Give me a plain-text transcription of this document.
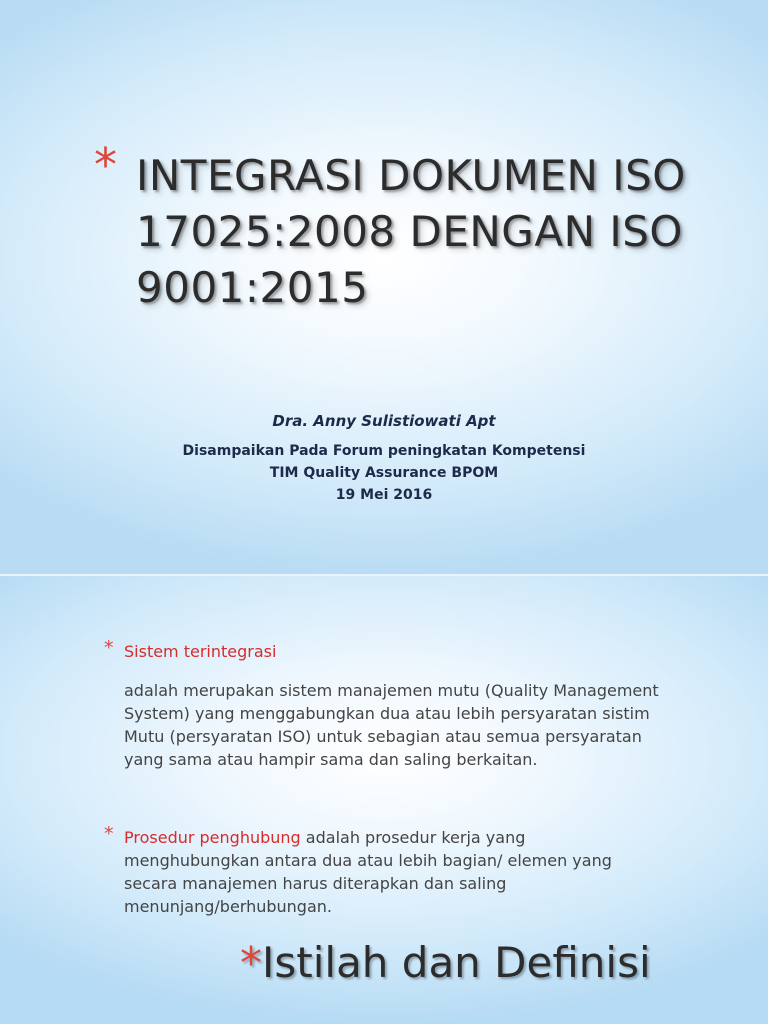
* INTEGRASI DOKUMEN ISO
17025:2008 DENGAN ISO
9001:2015
Dra. Anny Sulistiowati Apt
Disampaikan Pada Forum peningkatan Kompetensi
TIM Quality Assurance BPOM
19 Mei 2016
* Sistem terintegrasi
adalah merupakan sistem manajemen mutu (Quality Management System) yang menggabungkan dua atau lebih persyaratan sistim Mutu (persyaratan ISO) untuk sebagian atau semua persyaratan yang sama atau hampir sama dan saling berkaitan.
* Prosedur penghubung adalah prosedur kerja yang menghubungkan antara dua atau lebih bagian/ elemen yang secara manajemen harus diterapkan dan saling menunjang/berhubungan.
*Istilah dan Definisi
